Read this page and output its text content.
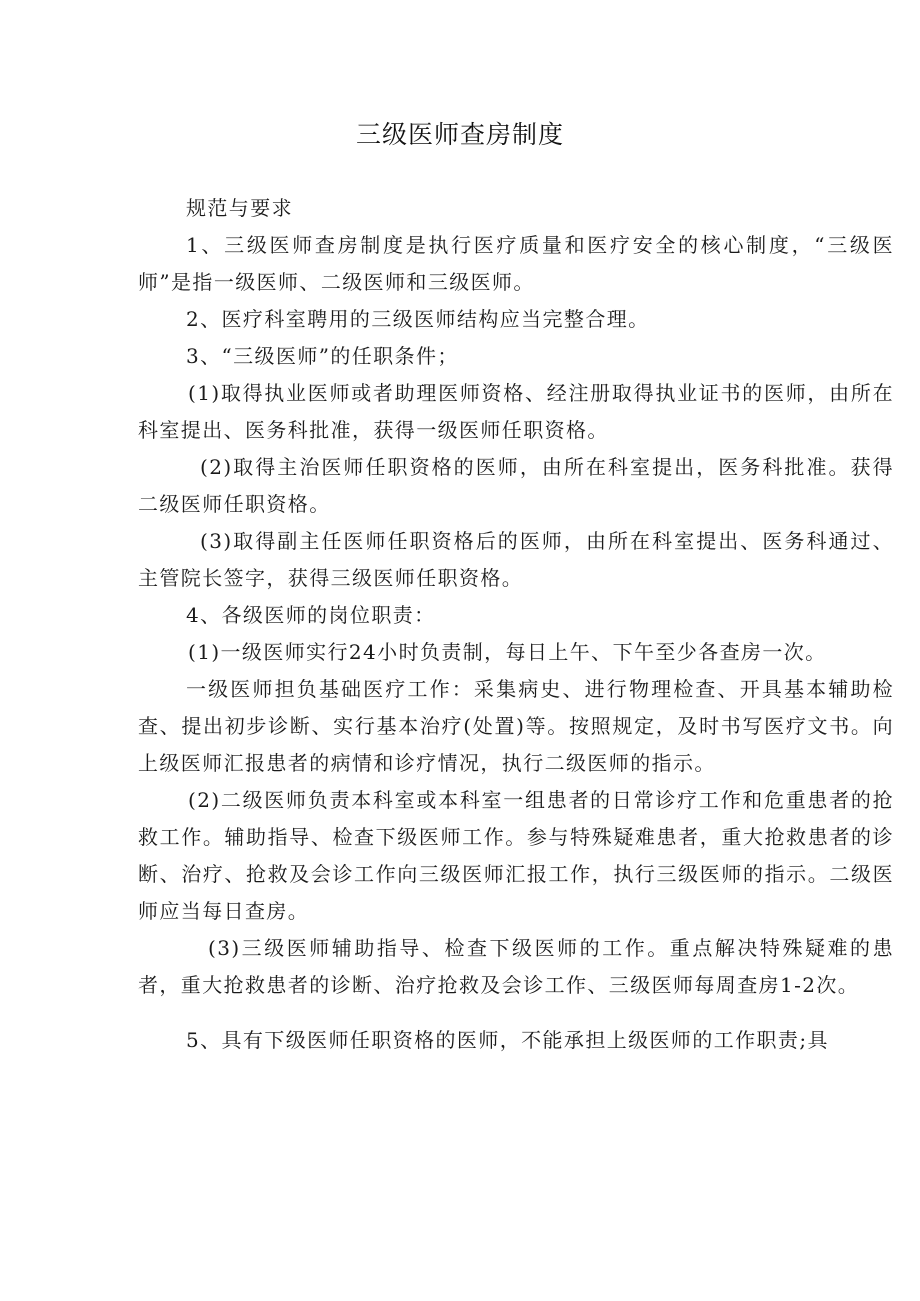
三级医师查房制度

规范与要求

1、三级医师查房制度是执行医疗质量和医疗安全的核心制度，“三级医师”是指一级医师、二级医师和三级医师。

2、医疗科室聘用的三级医师结构应当完整合理。

3、“三级医师”的任职条件；

(1)取得执业医师或者助理医师资格、经注册取得执业证书的医师，由所在科室提出、医务科批准，获得一级医师任职资格。

(2)取得主治医师任职资格的医师，由所在科室提出，医务科批准。获得二级医师任职资格。

(3)取得副主任医师任职资格后的医师，由所在科室提出、医务科通过、主管院长签字，获得三级医师任职资格。

4、各级医师的岗位职责：

(1)一级医师实行24小时负责制，每日上午、下午至少各查房一次。

一级医师担负基础医疗工作：采集病史、进行物理检查、开具基本辅助检查、提出初步诊断、实行基本治疗(处置)等。按照规定，及时书写医疗文书。向上级医师汇报患者的病情和诊疗情况，执行二级医师的指示。

(2)二级医师负责本科室或本科室一组患者的日常诊疗工作和危重患者的抢救工作。辅助指导、检查下级医师工作。参与特殊疑难患者，重大抢救患者的诊断、治疗、抢救及会诊工作向三级医师汇报工作，执行三级医师的指示。二级医师应当每日查房。

(3)三级医师辅助指导、检查下级医师的工作。重点解决特殊疑难的患者，重大抢救患者的诊断、治疗抢救及会诊工作、三级医师每周查房1-2次。

5、具有下级医师任职资格的医师，不能承担上级医师的工作职责;具
